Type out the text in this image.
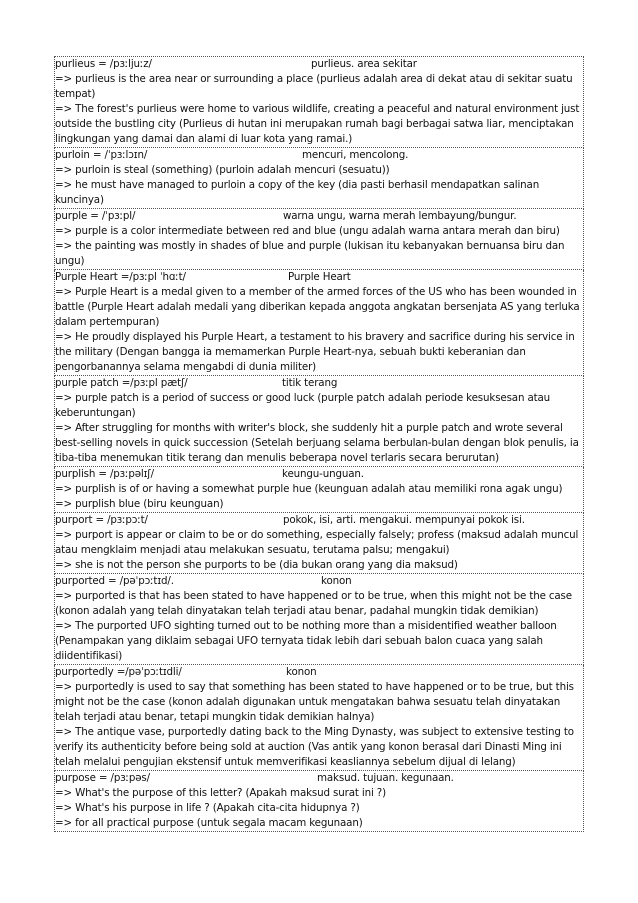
purlieus = /pɜːljuːz/	purlieus. area sekitar
=> purlieus is the area near or surrounding a place (purlieus adalah area di dekat atau di sekitar suatu tempat)
=> The forest's purlieus were home to various wildlife, creating a peaceful and natural environment just outside the bustling city (Purlieus di hutan ini merupakan rumah bagi berbagai satwa liar, menciptakan lingkungan yang damai dan alami di luar kota yang ramai.)
purloin = /ˈpɜːlɔɪn/	mencuri, mencolong.
=> purloin is steal (something) (purloin adalah mencuri (sesuatu))
=> he must have managed to purloin a copy of the key (dia pasti berhasil mendapatkan salinan kuncinya)
purple = /ˈpɜːpl/	warna ungu, warna merah lembayung/bungur.
=> purple is a color intermediate between red and blue (ungu adalah warna antara merah dan biru)
=> the painting was mostly in shades of blue and purple (lukisan itu kebanyakan bernuansa biru dan ungu)
Purple Heart =/pɜːpl ˈhɑːt/	Purple Heart
=> Purple Heart is a medal given to a member of the armed forces of the US who has been wounded in battle (Purple Heart adalah medali yang diberikan kepada anggota angkatan bersenjata AS yang terluka dalam pertempuran)
=> He proudly displayed his Purple Heart, a testament to his bravery and sacrifice during his service in the military (Dengan bangga ia memamerkan Purple Heart-nya, sebuah bukti keberanian dan pengorbanannya selama mengabdi di dunia militer)
purple patch =/pɜːpl pætʃ/	titik terang
=> purple patch is a period of success or good luck (purple patch adalah periode kesuksesan atau keberuntungan)
=> After struggling for months with writer's block, she suddenly hit a purple patch and wrote several best-selling novels in quick succession (Setelah berjuang selama berbulan-bulan dengan blok penulis, ia tiba-tiba menemukan titik terang dan menulis beberapa novel terlaris secara berurutan)
purplish = /pɜːpəlɪʃ/	keungu-unguan.
=> purplish is of or having a somewhat purple hue (keunguan adalah atau memiliki rona agak ungu)
=> purplish blue (biru keunguan)
purport = /pɜːpɔːt/	pokok, isi, arti. mengakui. mempunyai pokok isi.
=> purport is appear or claim to be or do something, especially falsely; profess (maksud adalah muncul atau mengklaim menjadi atau melakukan sesuatu, terutama palsu; mengakui)
=> she is not the person she purports to be (dia bukan orang yang dia maksud)
purported = /pəˈpɔːtɪd/.	konon
=> purported is that has been stated to have happened or to be true, when this might not be the case (konon adalah yang telah dinyatakan telah terjadi atau benar, padahal mungkin tidak demikian)
=> The purported UFO sighting turned out to be nothing more than a misidentified weather balloon (Penampakan yang diklaim sebagai UFO ternyata tidak lebih dari sebuah balon cuaca yang salah diidentifikasi)
purportedly =/pəˈpɔːtɪdli/	konon
=> purportedly is used to say that something has been stated to have happened or to be true, but this might not be the case (konon adalah digunakan untuk mengatakan bahwa sesuatu telah dinyatakan telah terjadi atau benar, tetapi mungkin tidak demikian halnya)
=> The antique vase, purportedly dating back to the Ming Dynasty, was subject to extensive testing to verify its authenticity before being sold at auction (Vas antik yang konon berasal dari Dinasti Ming ini telah melalui pengujian ekstensif untuk memverifikasi keasliannya sebelum dijual di lelang)
purpose = /pɜːpəs/	maksud. tujuan. kegunaan.
=> What's the purpose of this letter? (Apakah maksud surat ini ?)
=> What's his purpose in life ? (Apakah cita-cita hidupnya ?)
=> for all practical purpose (untuk segala macam kegunaan)
